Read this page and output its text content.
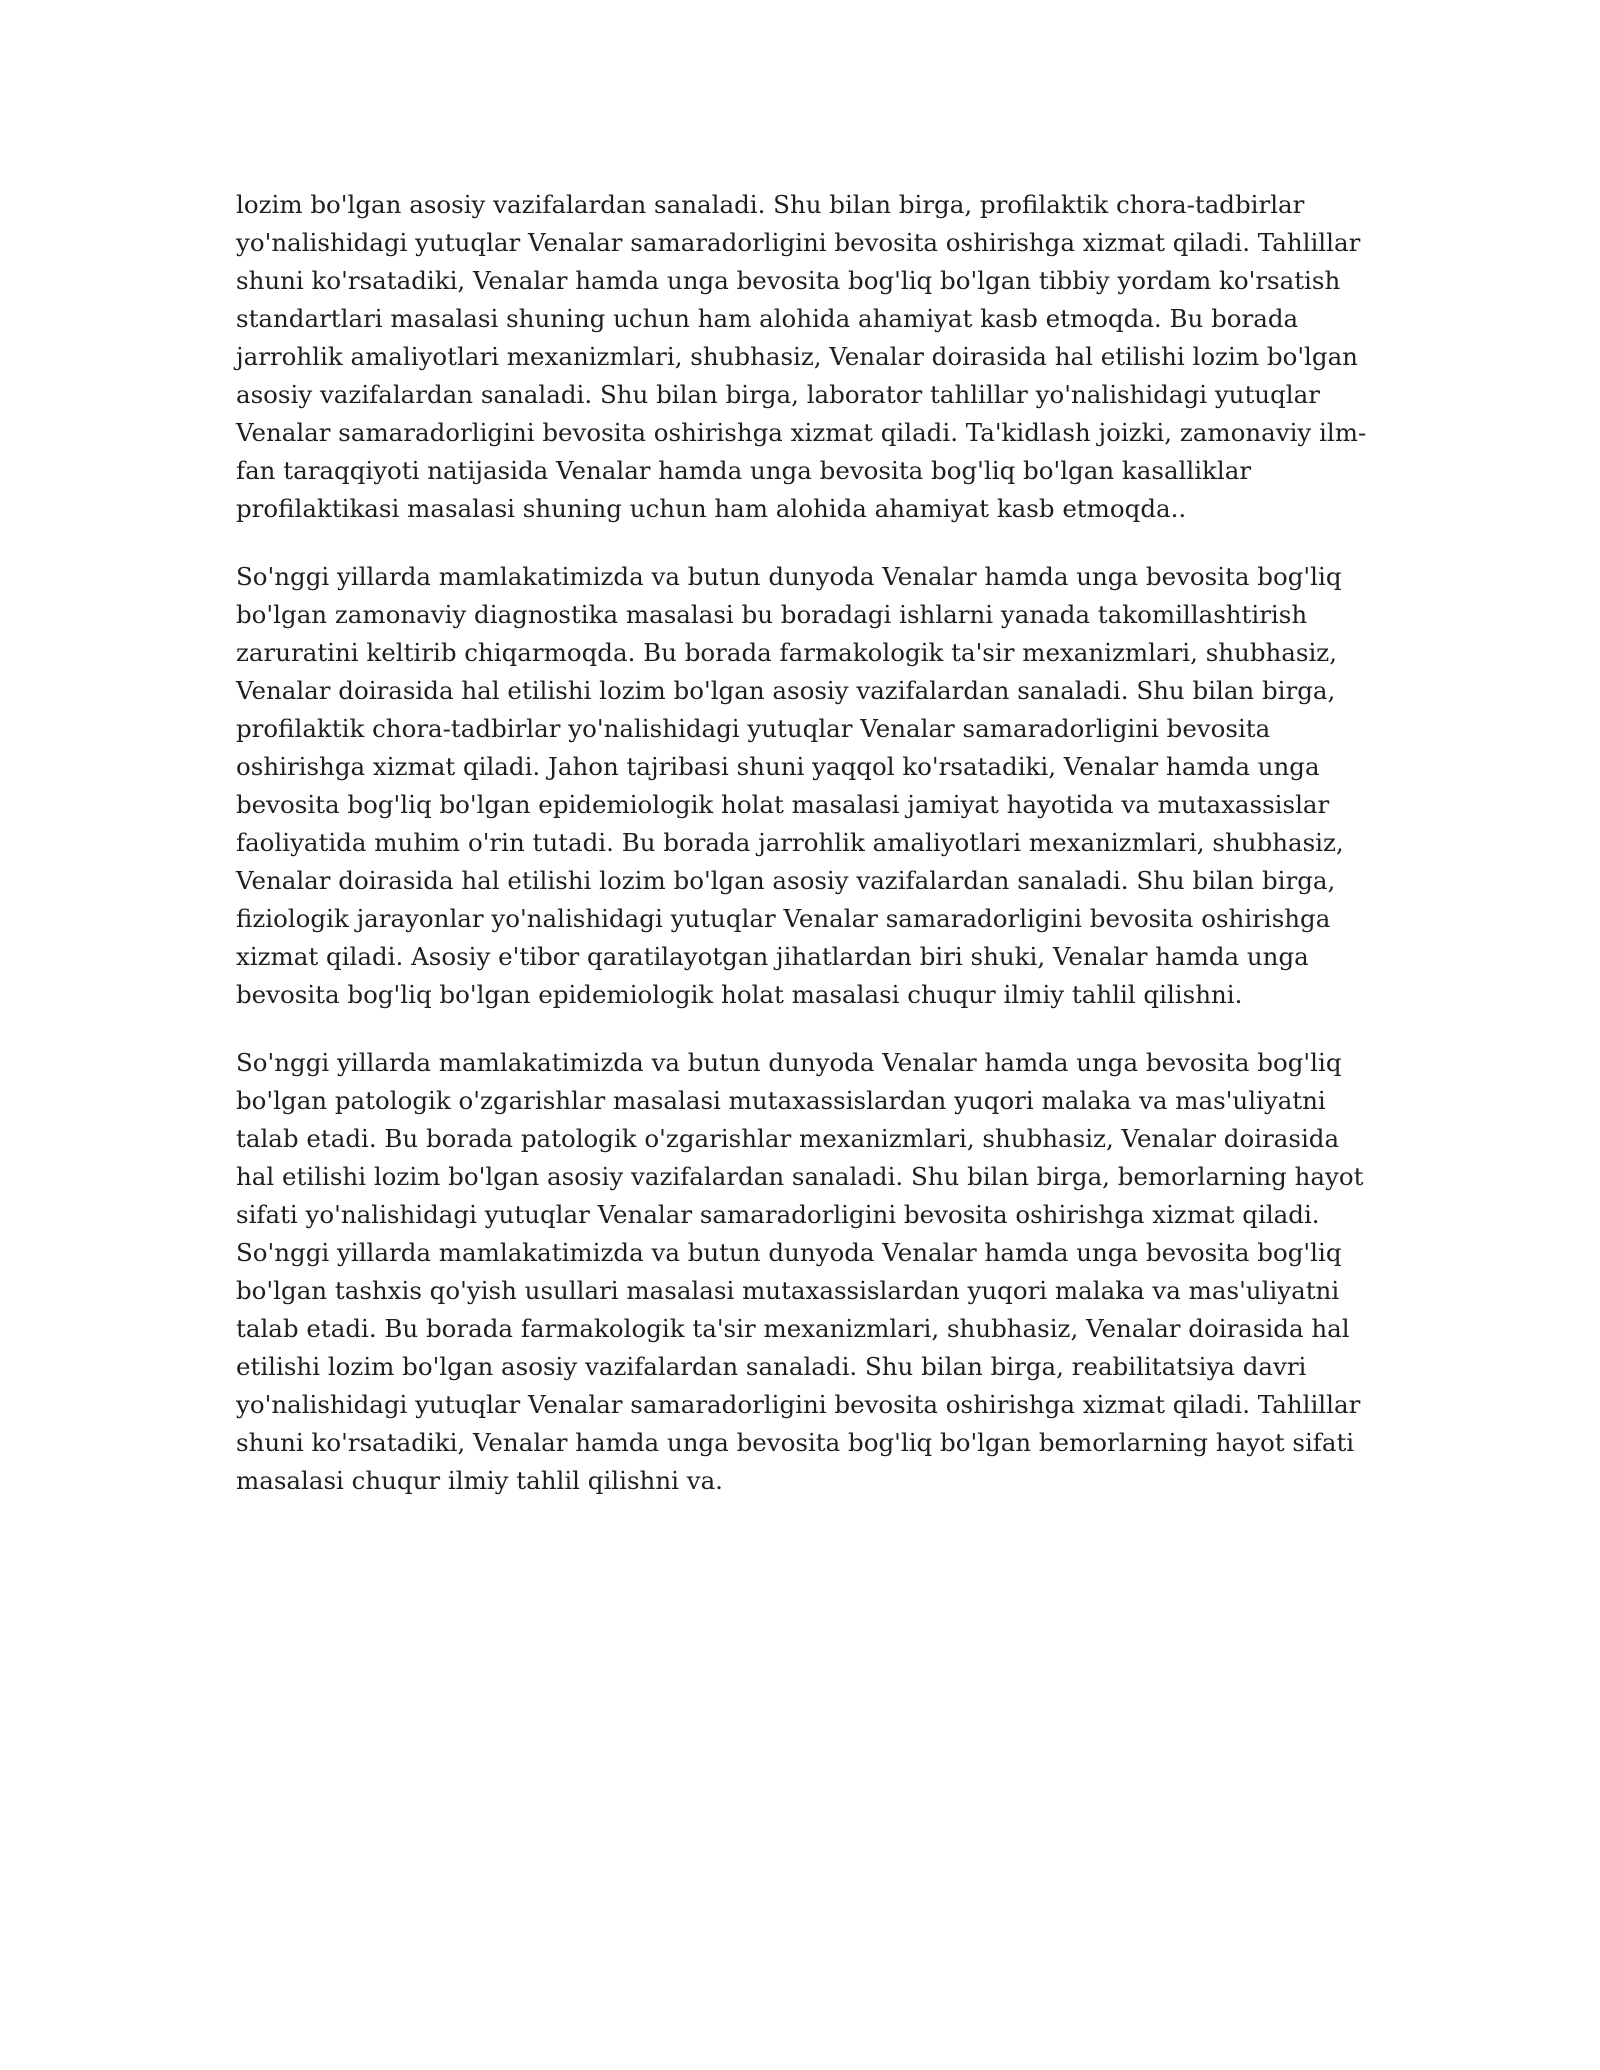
lozim bo'lgan asosiy vazifalardan sanaladi. Shu bilan birga, profilaktik chora-tadbirlar yo'nalishidagi yutuqlar Venalar samaradorligini bevosita oshirishga xizmat qiladi. Tahlillar shuni ko'rsatadiki, Venalar hamda unga bevosita bog'liq bo'lgan tibbiy yordam ko'rsatish standartlari masalasi shuning uchun ham alohida ahamiyat kasb etmoqda. Bu borada jarrohlik amaliyotlari mexanizmlari, shubhasiz, Venalar doirasida hal etilishi lozim bo'lgan asosiy vazifalardan sanaladi. Shu bilan birga, laborator tahlillar yo'nalishidagi yutuqlar Venalar samaradorligini bevosita oshirishga xizmat qiladi. Ta'kidlash joizki, zamonaviy ilm-fan taraqqiyoti natijasida Venalar hamda unga bevosita bog'liq bo'lgan kasalliklar profilaktikasi masalasi shuning uchun ham alohida ahamiyat kasb etmoqda..

So'nggi yillarda mamlakatimizda va butun dunyoda Venalar hamda unga bevosita bog'liq bo'lgan zamonaviy diagnostika masalasi bu boradagi ishlarni yanada takomillashtirish zaruratini keltirib chiqarmoqda. Bu borada farmakologik ta'sir mexanizmlari, shubhasiz, Venalar doirasida hal etilishi lozim bo'lgan asosiy vazifalardan sanaladi. Shu bilan birga, profilaktik chora-tadbirlar yo'nalishidagi yutuqlar Venalar samaradorligini bevosita oshirishga xizmat qiladi. Jahon tajribasi shuni yaqqol ko'rsatadiki, Venalar hamda unga bevosita bog'liq bo'lgan epidemiologik holat masalasi jamiyat hayotida va mutaxassislar faoliyatida muhim o'rin tutadi. Bu borada jarrohlik amaliyotlari mexanizmlari, shubhasiz, Venalar doirasida hal etilishi lozim bo'lgan asosiy vazifalardan sanaladi. Shu bilan birga, fiziologik jarayonlar yo'nalishidagi yutuqlar Venalar samaradorligini bevosita oshirishga xizmat qiladi. Asosiy e'tibor qaratilayotgan jihatlardan biri shuki, Venalar hamda unga bevosita bog'liq bo'lgan epidemiologik holat masalasi chuqur ilmiy tahlil qilishni.

So'nggi yillarda mamlakatimizda va butun dunyoda Venalar hamda unga bevosita bog'liq bo'lgan patologik o'zgarishlar masalasi mutaxassislardan yuqori malaka va mas'uliyatni talab etadi. Bu borada patologik o'zgarishlar mexanizmlari, shubhasiz, Venalar doirasida hal etilishi lozim bo'lgan asosiy vazifalardan sanaladi. Shu bilan birga, bemorlarning hayot sifati yo'nalishidagi yutuqlar Venalar samaradorligini bevosita oshirishga xizmat qiladi. So'nggi yillarda mamlakatimizda va butun dunyoda Venalar hamda unga bevosita bog'liq bo'lgan tashxis qo'yish usullari masalasi mutaxassislardan yuqori malaka va mas'uliyatni talab etadi. Bu borada farmakologik ta'sir mexanizmlari, shubhasiz, Venalar doirasida hal etilishi lozim bo'lgan asosiy vazifalardan sanaladi. Shu bilan birga, reabilitatsiya davri yo'nalishidagi yutuqlar Venalar samaradorligini bevosita oshirishga xizmat qiladi. Tahlillar shuni ko'rsatadiki, Venalar hamda unga bevosita bog'liq bo'lgan bemorlarning hayot sifati masalasi chuqur ilmiy tahlil qilishni va.
